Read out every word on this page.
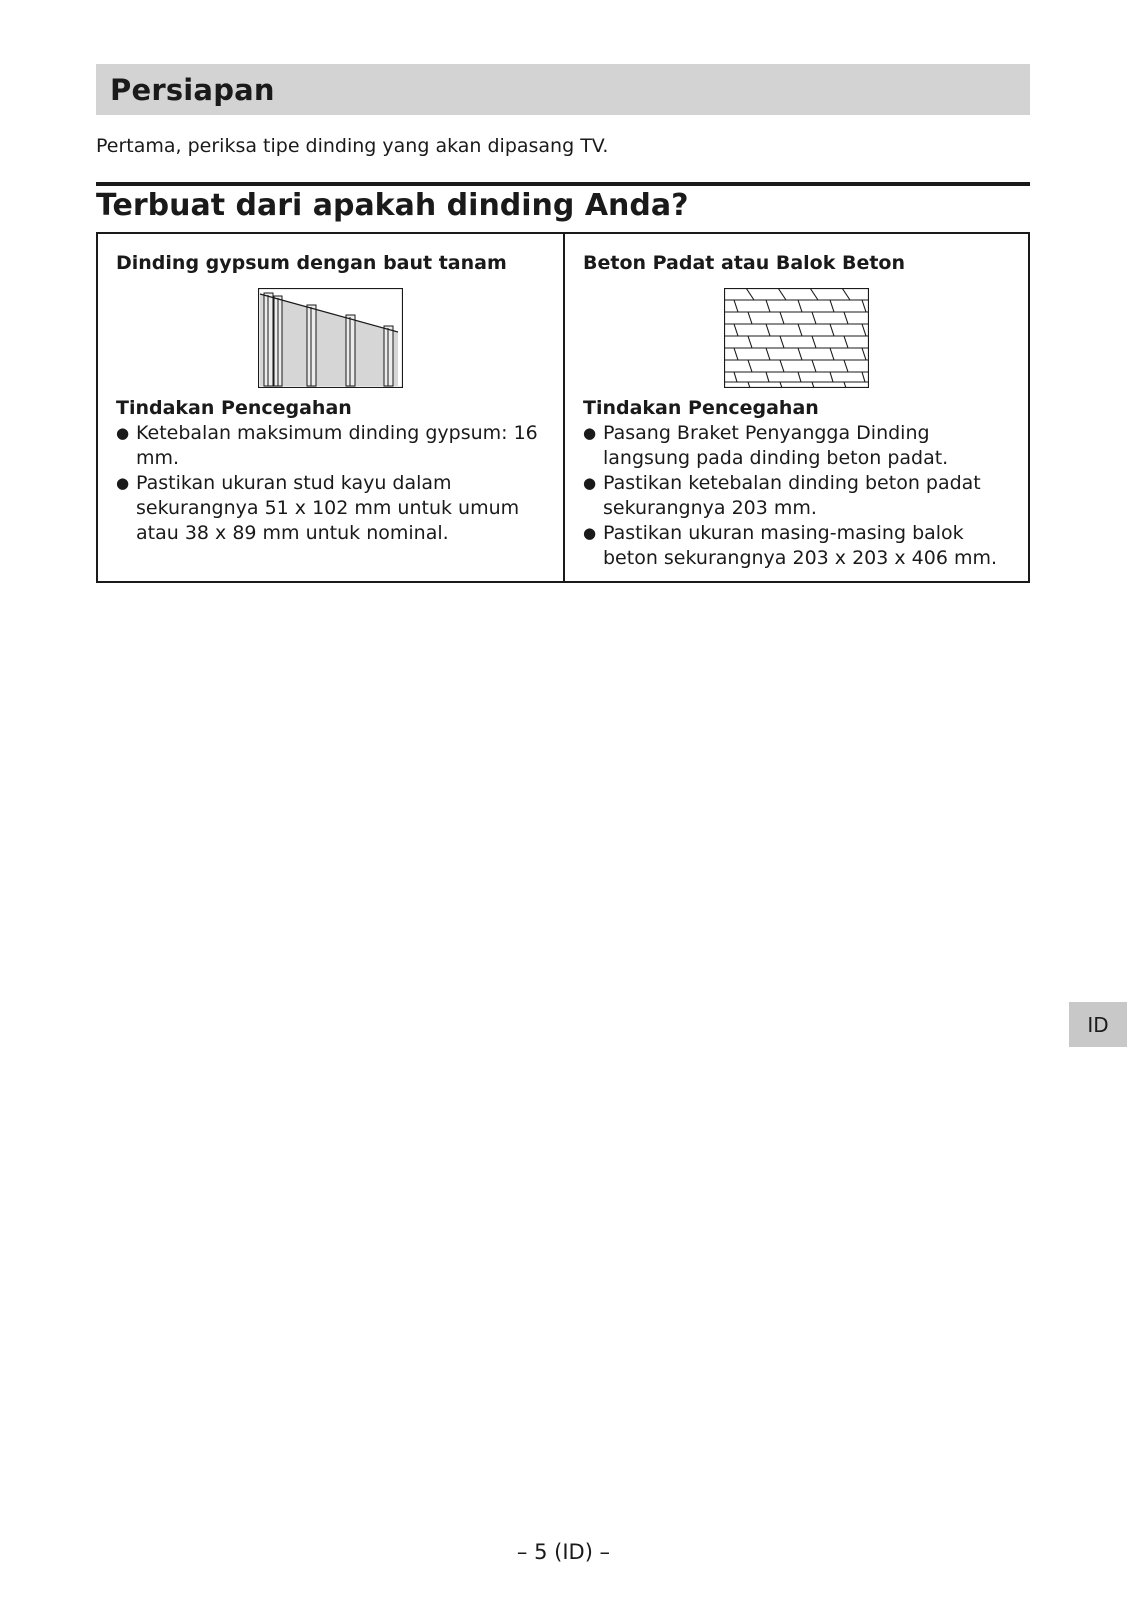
Persiapan

Pertama, periksa tipe dinding yang akan dipasang TV.

Terbuat dari apakah dinding Anda?
Dinding gypsum dengan baut tanam
Tindakan Pencegahan
● Ketebalan maksimum dinding gypsum: 16 mm.
● Pastikan ukuran stud kayu dalam sekurangnya 51 x 102 mm untuk umum atau 38 x 89 mm untuk nominal.
Beton Padat atau Balok Beton
Tindakan Pencegahan
● Pasang Braket Penyangga Dinding langsung pada dinding beton padat.
● Pastikan ketebalan dinding beton padat sekurangnya 203 mm.
● Pastikan ukuran masing-masing balok beton sekurangnya 203 x 203 x 406 mm.
ID
– 5 (ID) –
